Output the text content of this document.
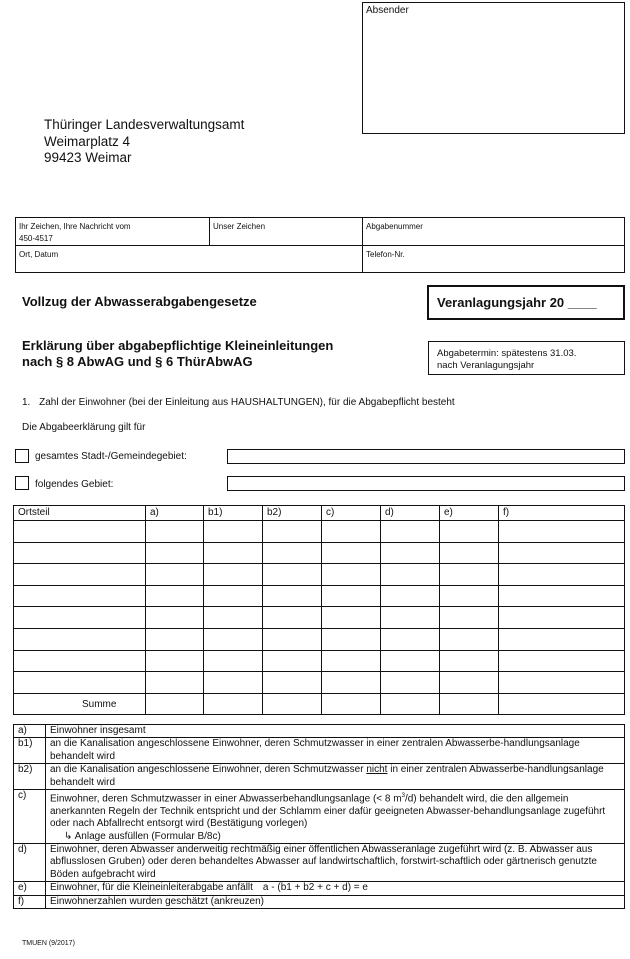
Absender
Thüringer Landesverwaltungsamt
Weimarplatz 4
99423 Weimar
Ihr Zeichen, Ihre Nachricht vom
450-4517	Unser Zeichen	Abgabenummer

Ort, Datum		Telefon-Nr.
Vollzug der Abwasserabgabengesetze	Veranlagungsjahr 20 ____
Erklärung über abgabepflichtige Kleineinleitungen
nach § 8 AbwAG und § 6 ThürAbwAG
Abgabetermin: spätestens 31.03.
nach Veranlagungsjahr
1. Zahl der Einwohner (bei der Einleitung aus HAUSHALTUNGEN), für die Abgabepflicht besteht
Die Abgabeerklärung gilt für
gesamtes Stadt-/Gemeindegebiet:
folgendes Gebiet:
Ortsteil	a)	b1)	b2)	c)	d)	e)	f)

Summe							
a)	Einwohner insgesamt
b1)	an die Kanalisation angeschlossene Einwohner, deren Schmutzwasser in einer zentralen Abwasserbe-handlungsanlage behandelt wird
b2)	an die Kanalisation angeschlossene Einwohner, deren Schmutzwasser nicht in einer zentralen Abwasserbe-handlungsanlage behandelt wird
c)	Einwohner, deren Schmutzwasser in einer Abwasserbehandlungsanlage (< 8 $m^3/d$) behandelt wird, die den allgemein anerkannten Regeln der Technik entspricht und der Schlamm einer dafür geeigneten Abwasser-behandlungsanlage zugeführt oder nach Abfallrecht entsorgt wird (Bestätigung vorlegen)
↳ Anlage ausfüllen (Formular B/8c)

d)	Einwohner, deren Abwasser anderweitig rechtmäßig einer öffentlichen Abwasseranlage zugeführt wird (z. B. Abwasser aus abflusslosen Gruben) oder deren behandeltes Abwasser auf landwirtschaftlich, forstwirt-schaftlich oder gärtnerisch genutzte Böden aufgebracht wird
e)	Einwohner, für die Kleineinleiterabgabe anfällt a - (b1 + b2 + c + d) = e
f)	Einwohnerzahlen wurden geschätzt (ankreuzen)
TMUEN (9/2017)
